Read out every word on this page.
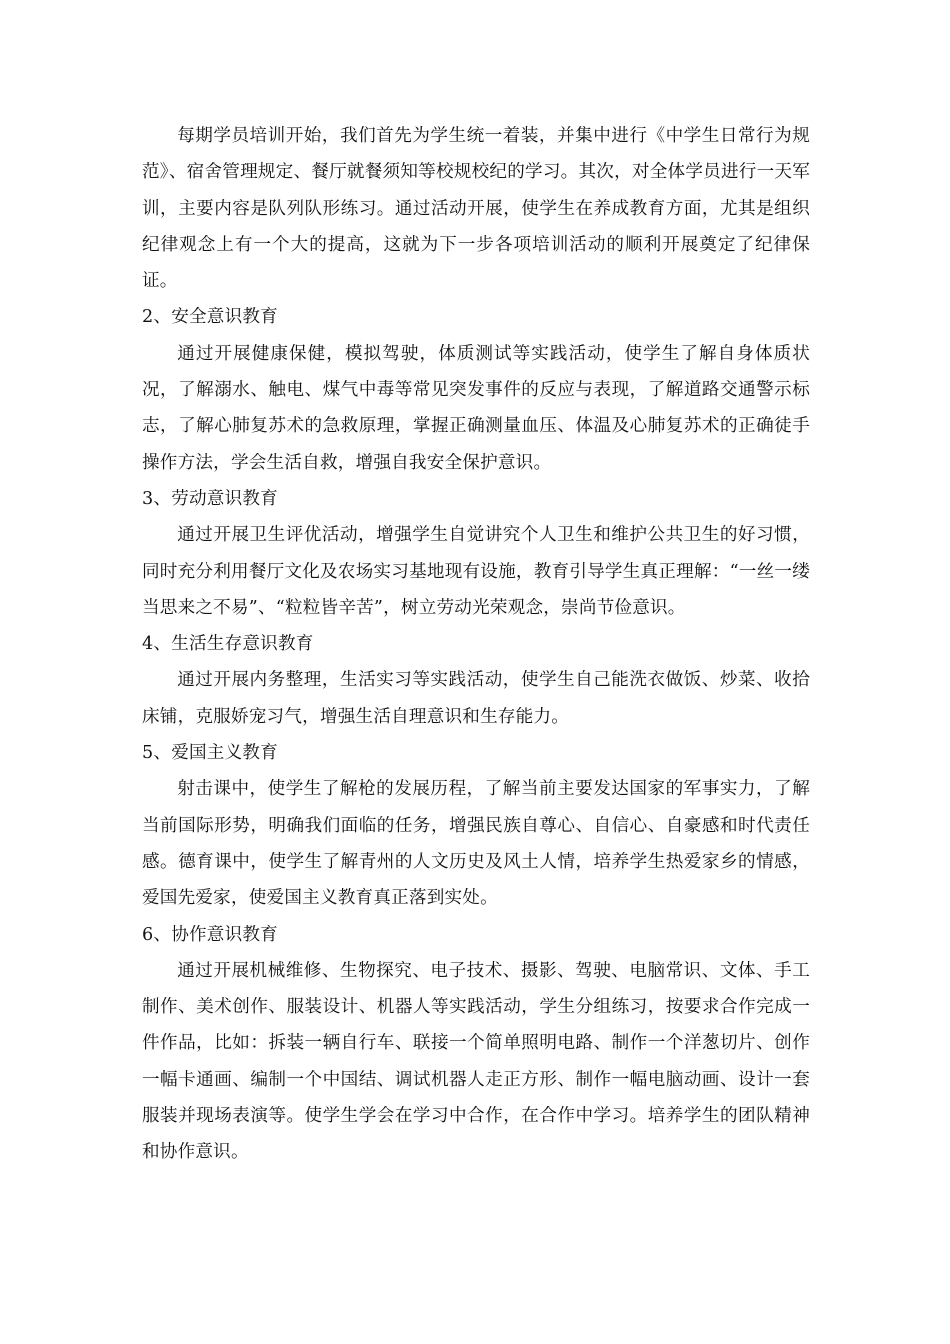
每期学员培训开始，我们首先为学生统一着装，并集中进行《中学生日常行为规范》、宿舍管理规定、餐厅就餐须知等校规校纪的学习。其次，对全体学员进行一天军训，主要内容是队列队形练习。通过活动开展，使学生在养成教育方面，尤其是组织纪律观念上有一个大的提高，这就为下一步各项培训活动的顺利开展奠定了纪律保证。

2、安全意识教育

通过开展健康保健，模拟驾驶，体质测试等实践活动，使学生了解自身体质状况，了解溺水、触电、煤气中毒等常见突发事件的反应与表现，了解道路交通警示标志，了解心肺复苏术的急救原理，掌握正确测量血压、体温及心肺复苏术的正确徒手操作方法，学会生活自救，增强自我安全保护意识。

3、劳动意识教育

通过开展卫生评优活动，增强学生自觉讲究个人卫生和维护公共卫生的好习惯，同时充分利用餐厅文化及农场实习基地现有设施，教育引导学生真正理解：“一丝一缕当思来之不易”、“粒粒皆辛苦”，树立劳动光荣观念，崇尚节俭意识。

4、生活生存意识教育

通过开展内务整理，生活实习等实践活动，使学生自己能洗衣做饭、炒菜、收拾床铺，克服娇宠习气，增强生活自理意识和生存能力。

5、爱国主义教育

射击课中，使学生了解枪的发展历程，了解当前主要发达国家的军事实力，了解当前国际形势，明确我们面临的任务，增强民族自尊心、自信心、自豪感和时代责任感。德育课中，使学生了解青州的人文历史及风土人情，培养学生热爱家乡的情感，爱国先爱家，使爱国主义教育真正落到实处。

6、协作意识教育

通过开展机械维修、生物探究、电子技术、摄影、驾驶、电脑常识、文体、手工制作、美术创作、服装设计、机器人等实践活动，学生分组练习，按要求合作完成一件作品，比如：拆装一辆自行车、联接一个简单照明电路、制作一个洋葱切片、创作一幅卡通画、编制一个中国结、调试机器人走正方形、制作一幅电脑动画、设计一套服装并现场表演等。使学生学会在学习中合作，在合作中学习。培养学生的团队精神和协作意识。
